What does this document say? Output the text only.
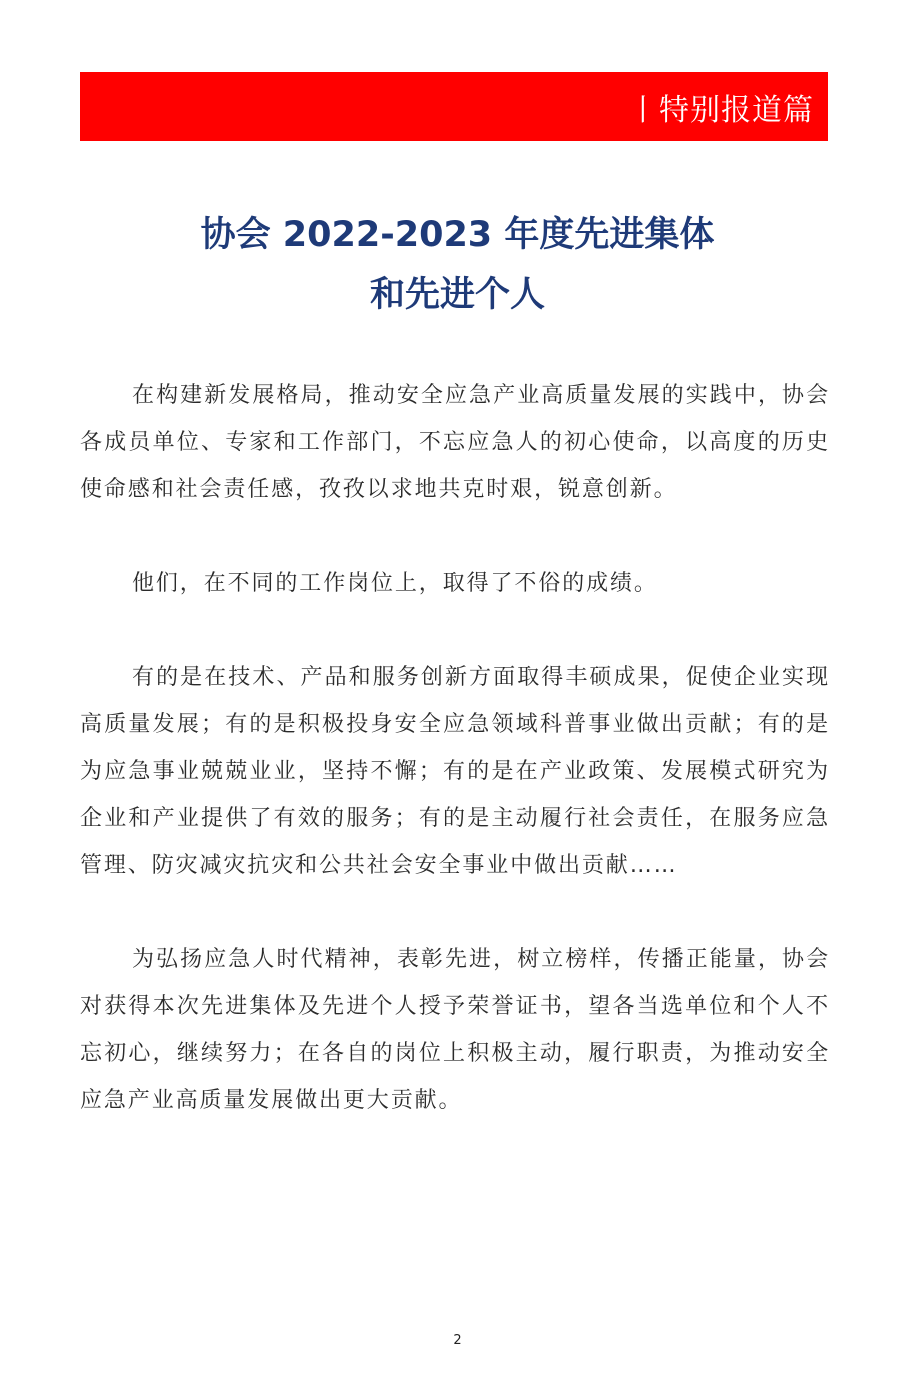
丨特别报道篇
协会 2022-2023 年度先进集体
和先进个人

在构建新发展格局，推动安全应急产业高质量发展的实践中，协会各成员单位、专家和工作部门，不忘应急人的初心使命，以高度的历史使命感和社会责任感，孜孜以求地共克时艰，锐意创新。

他们，在不同的工作岗位上，取得了不俗的成绩。

有的是在技术、产品和服务创新方面取得丰硕成果，促使企业实现高质量发展；有的是积极投身安全应急领域科普事业做出贡献；有的是为应急事业兢兢业业，坚持不懈；有的是在产业政策、发展模式研究为企业和产业提供了有效的服务；有的是主动履行社会责任，在服务应急管理、防灾减灾抗灾和公共社会安全事业中做出贡献……

为弘扬应急人时代精神，表彰先进，树立榜样，传播正能量，协会对获得本次先进集体及先进个人授予荣誉证书，望各当选单位和个人不忘初心，继续努力；在各自的岗位上积极主动，履行职责，为推动安全应急产业高质量发展做出更大贡献。

2
